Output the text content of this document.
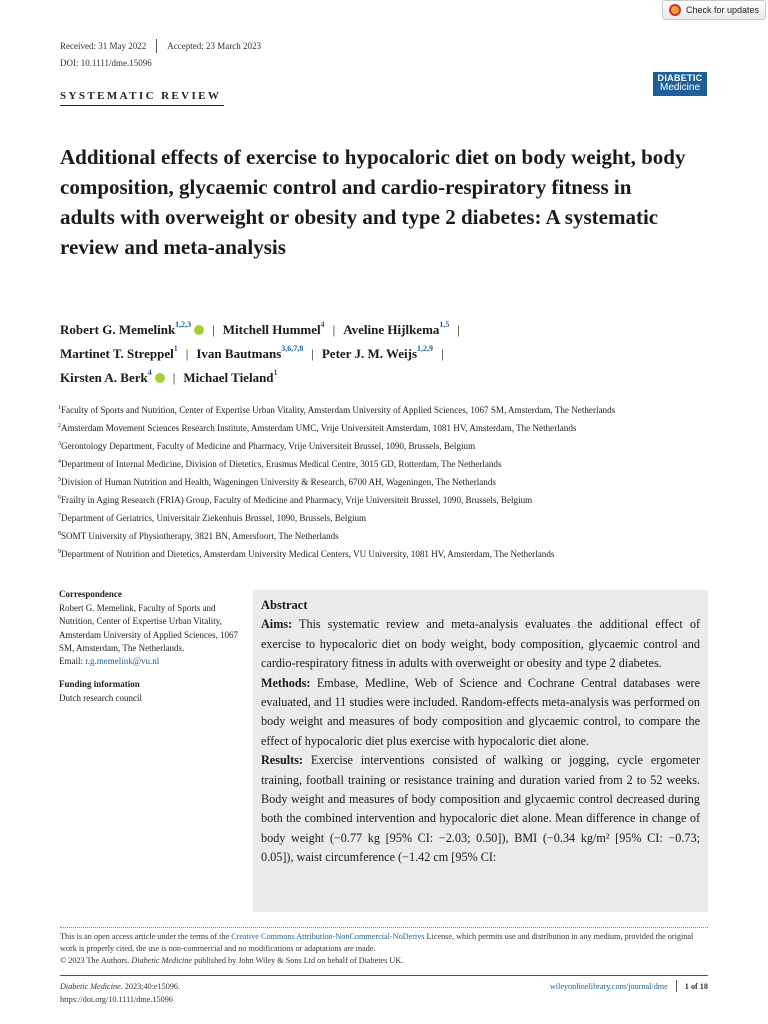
Check for updates
Received: 31 May 2022 Accepted: 23 March 2023
DOI: 10.1111/dme.15096
DIABETIC
Medicine
SYSTEMATIC REVIEW
Additional effects of exercise to hypocaloric diet on body weight, body composition, glycaemic control and cardio-respiratory fitness in adults with overweight or obesity and type 2 diabetes: A systematic review and meta-analysis
Robert G. Memelink$^{1,2,3}$ | Mitchell Hummel$^4$ | Aveline Hijlkema$^{1,5}$ |
Martinet T. Streppel$^1$ | Ivan Bautmans$^{3,6,7,8}$ | Peter J. M. Weijs$^{1,2,9}$ |
Kirsten A. Berk$^4$ | Michael Tieland$^1$
$^1$Faculty of Sports and Nutrition, Center of Expertise Urban Vitality, Amsterdam University of Applied Sciences, 1067 SM, Amsterdam, The Netherlands
$^2$Amsterdam Movement Sciences Research Institute, Amsterdam UMC, Vrije Universiteit Amsterdam, 1081 HV, Amsterdam, The Netherlands
$^3$Gerontology Department, Faculty of Medicine and Pharmacy, Vrije Universiteit Brussel, 1090, Brussels, Belgium
$^4$Department of Internal Medicine, Division of Dietetics, Erasmus Medical Centre, 3015 GD, Rotterdam, The Netherlands
$^5$Division of Human Nutrition and Health, Wageningen University & Research, 6700 AH, Wageningen, The Netherlands
$^6$Frailty in Aging Research (FRIA) Group, Faculty of Medicine and Pharmacy, Vrije Universiteit Brussel, 1090, Brussels, Belgium
$^7$Department of Geriatrics, Universitair Ziekenhuis Brussel, 1090, Brussels, Belgium
$^8$SOMT University of Physiotherapy, 3821 BN, Amersfoort, The Netherlands
$^9$Department of Nutrition and Dietetics, Amsterdam University Medical Centers, VU University, 1081 HV, Amsterdam, The Netherlands
Correspondence

Robert G. Memelink, Faculty of Sports and Nutrition, Center of Expertise Urban Vitality, Amsterdam University of Applied Sciences, 1067 SM, Amsterdam, The Netherlands.
Email: r.g.memelink@vu.nl

Funding information

Dutch research council

Abstract

Aims: This systematic review and meta-analysis evaluates the additional effect of exercise to hypocaloric diet on body weight, body composition, glycaemic control and cardio-respiratory fitness in adults with overweight or obesity and type 2 diabetes.

Methods: Embase, Medline, Web of Science and Cochrane Central databases were evaluated, and 11 studies were included. Random-effects meta-analysis was performed on body weight and measures of body composition and glycaemic control, to compare the effect of hypocaloric diet plus exercise with hypocaloric diet alone.

Results: Exercise interventions consisted of walking or jogging, cycle ergometer training, football training or resistance training and duration varied from 2 to 52 weeks. Body weight and measures of body composition and glycaemic control decreased during both the combined intervention and hypocaloric diet alone. Mean difference in change of body weight (−0.77 kg [95% CI: −2.03; 0.50]), BMI (−0.34 kg/m² [95% CI: −0.73; 0.05]), waist circumference (−1.42 cm [95% CI:

This is an open access article under the terms of the Creative Commons Attribution-NonCommercial-NoDerivs License, which permits use and distribution in any medium, provided the original work is properly cited, the use is non-commercial and no modifications or adaptations are made.
© 2023 The Authors. Diabetic Medicine published by John Wiley & Sons Ltd on behalf of Diabetes UK.
Diabetic Medicine. 2023;40:e15096.
https://doi.org/10.1111/dme.15096
wileyonlinelibrary.com/journal/dme 1 of 18
